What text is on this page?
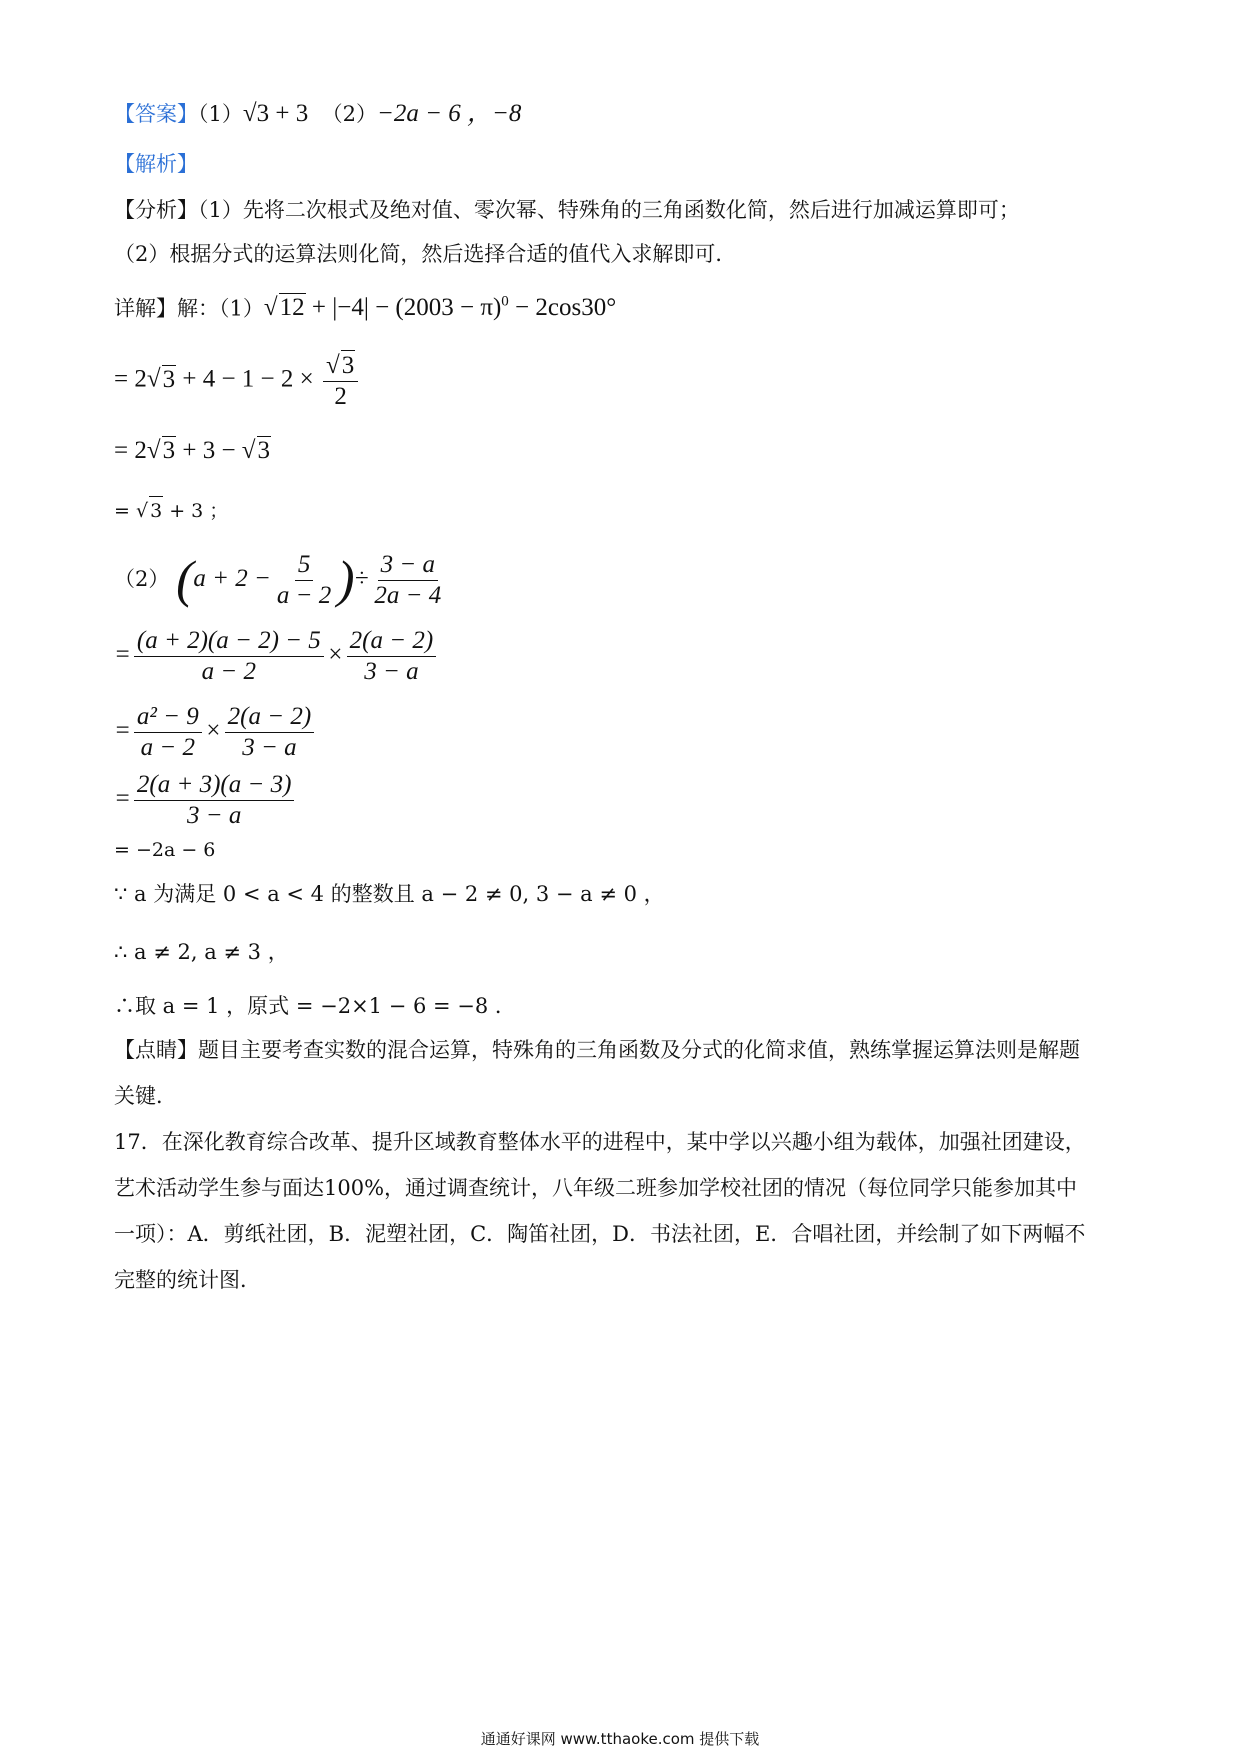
【答案】（1）√3 + 3 （2）−2a − 6 ，−8
【解析】
【分析】（1）先将二次根式及绝对值、零次幂、特殊角的三角函数化简，然后进行加减运算即可；
（2）根据分式的运算法则化简，然后选择合适的值代入求解即可．
详解】解：$(1)√12 + |-4| - (2003 - \pi)^0 - 2\cos 30^\circ$
= $2√3 + 4 - 1 - 2 \times \frac{√3}{2}$
= 2√3 + 3 − √3
= √ 3 + 3 ；
（2） ($a + 2 - \frac{5}{a - 2}$ )÷ $\frac{3 - a}{2a - 4}$
= $\frac{(a + 2)(a - 2) - 5}{a - 2} \times \frac{2(a - 2)}{3 - a}$
= $\frac{\text{a² − 9}}{a - 2} \times \frac{2(a - 2)}{3 - a}$
= $\frac{2(a + 3)(a - 3)}{3 - a}$
= −2a − 6
∵ a 为满足 0 < a < 4 的整数且 a − 2 ≠ 0, 3 − a ≠ 0 ，
∴ a ≠ 2, a ≠ 3 ，
∴取 a = 1 ，原式 = −2×1 − 6 = −8 ．
【点睛】题目主要考查实数的混合运算，特殊角的三角函数及分式的化简求值，熟练掌握运算法则是解题
关键．
17．在深化教育综合改革、提升区域教育整体水平的进程中，某中学以兴趣小组为载体，加强社团建设，
艺术活动学生参与面达100%，通过调查统计，八年级二班参加学校社团的情况（每位同学只能参加其中
一项）：A．剪纸社团，B．泥塑社团，C．陶笛社团，D．书法社团，E．合唱社团，并绘制了如下两幅不
完整的统计图．
通通好课网 www.tthaoke.com 提供下载
